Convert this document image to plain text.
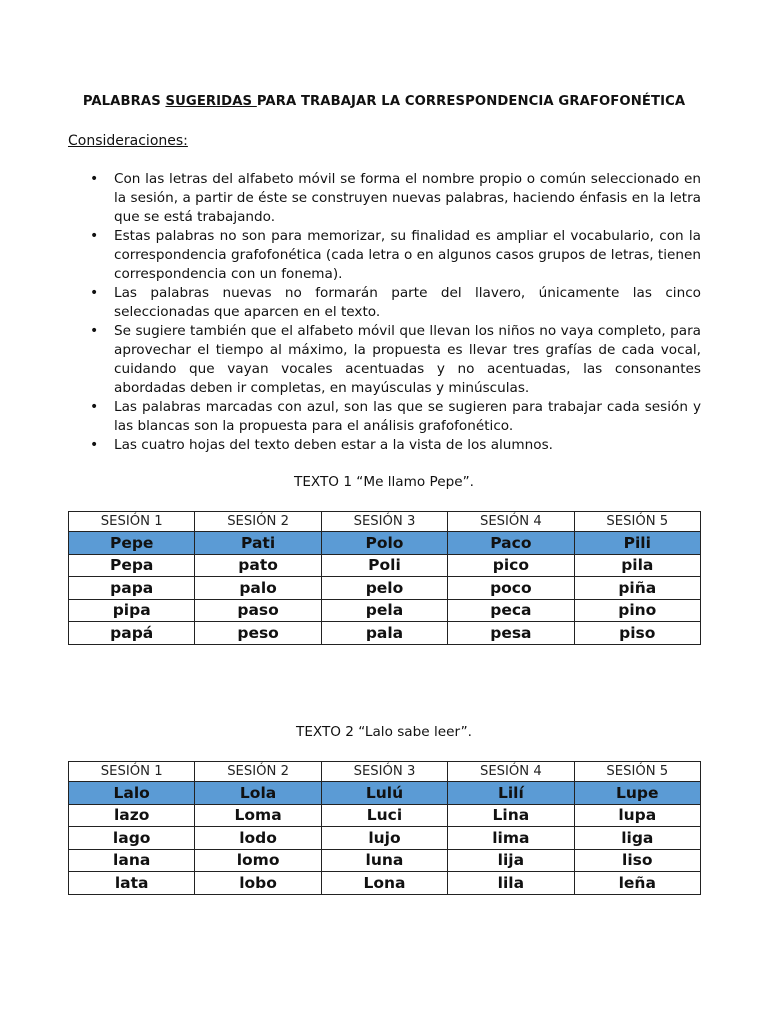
PALABRAS SUGERIDAS PARA TRABAJAR LA CORRESPONDENCIA GRAFOFONÉTICA
Consideraciones:
• Con las letras del alfabeto móvil se forma el nombre propio o común seleccionado en la sesión, a partir de éste se construyen nuevas palabras, haciendo énfasis en la letra que se está trabajando.
• Estas palabras no son para memorizar, su finalidad es ampliar el vocabulario, con la correspondencia grafofonética (cada letra o en algunos casos grupos de letras, tienen correspondencia con un fonema).
• Las palabras nuevas no formarán parte del llavero, únicamente las cinco seleccionadas que aparcen en el texto.
• Se sugiere también que el alfabeto móvil que llevan los niños no vaya completo, para aprovechar el tiempo al máximo, la propuesta es llevar tres grafías de cada vocal, cuidando que vayan vocales acentuadas y no acentuadas, las consonantes abordadas deben ir completas, en mayúsculas y minúsculas.
• Las palabras marcadas con azul, son las que se sugieren para trabajar cada sesión y las blancas son la propuesta para el análisis grafofonético.
• Las cuatro hojas del texto deben estar a la vista de los alumnos.
TEXTO 1 “Me llamo Pepe”.
SESIÓN 1	SESIÓN 2	SESIÓN 3	SESIÓN 4	SESIÓN 5
Pepe	Pati	Polo	Paco	Pili
Pepa	pato	Poli	pico	pila
papa	palo	pelo	poco	piña
pipa	paso	pela	peca	pino
papá	peso	pala	pesa	piso
TEXTO 2 “Lalo sabe leer”.
SESIÓN 1	SESIÓN 2	SESIÓN 3	SESIÓN 4	SESIÓN 5
Lalo	Lola	Lulú	Lilí	Lupe
lazo	Loma	Luci	Lina	lupa
lago	lodo	lujo	lima	liga
lana	lomo	luna	lija	liso
lata	lobo	Lona	lila	leña
